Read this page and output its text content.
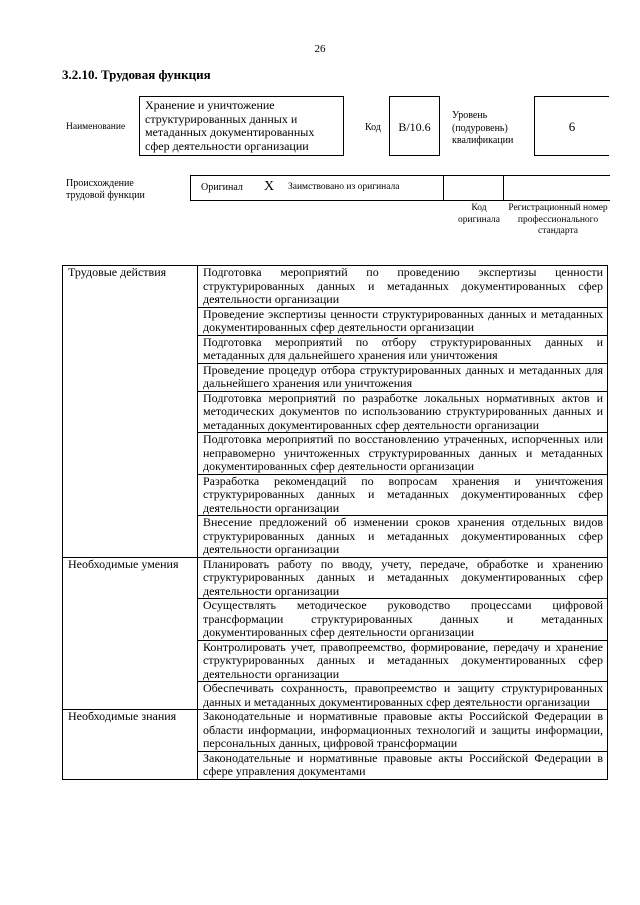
26
3.2.10. Трудовая функция
Наименование
Хранение и уничтожение структурированных данных и метаданных документированных сфер деятельности организации
Код	B/10.6
Уровень (подуровень) квалификации
6
Происхождение трудовой функции
Оригинал X Заимствовано из оригинала
Код оригинала
Регистрационный номер профессионального стандарта
Трудовые действия	Подготовка мероприятий по проведению экспертизы ценности структурированных данных и метаданных документированных сфер деятельности организации
	Проведение экспертизы ценности структурированных данных и метаданных документированных сфер деятельности организации
	Подготовка мероприятий по отбору структурированных данных и метаданных для дальнейшего хранения или уничтожения
	Проведение процедур отбора структурированных данных и метаданных для дальнейшего хранения или уничтожения
	Подготовка мероприятий по разработке локальных нормативных актов и методических документов по использованию структурированных данных и метаданных документированных сфер деятельности организации
	Подготовка мероприятий по восстановлению утраченных, испорченных или неправомерно уничтоженных структурированных данных и метаданных документированных сфер деятельности организации
	Разработка рекомендаций по вопросам хранения и уничтожения структурированных данных и метаданных документированных сфер деятельности организации
	Внесение предложений об изменении сроков хранения отдельных видов структурированных данных и метаданных документированных сфер деятельности организации
Необходимые умения	Планировать работу по вводу, учету, передаче, обработке и хранению структурированных данных и метаданных документированных сфер деятельности организации
	Осуществлять методическое руководство процессами цифровой трансформации структурированных данных и метаданных документированных сфер деятельности организации
	Контролировать учет, правопреемство, формирование, передачу и хранение структурированных данных и метаданных документированных сфер деятельности организации
	Обеспечивать сохранность, правопреемство и защиту структурированных данных и метаданных документированных сфер деятельности организации
Необходимые знания	Законодательные и нормативные правовые акты Российской Федерации в области информации, информационных технологий и защиты информации, персональных данных, цифровой трансформации
	Законодательные и нормативные правовые акты Российской Федерации в сфере управления документами
